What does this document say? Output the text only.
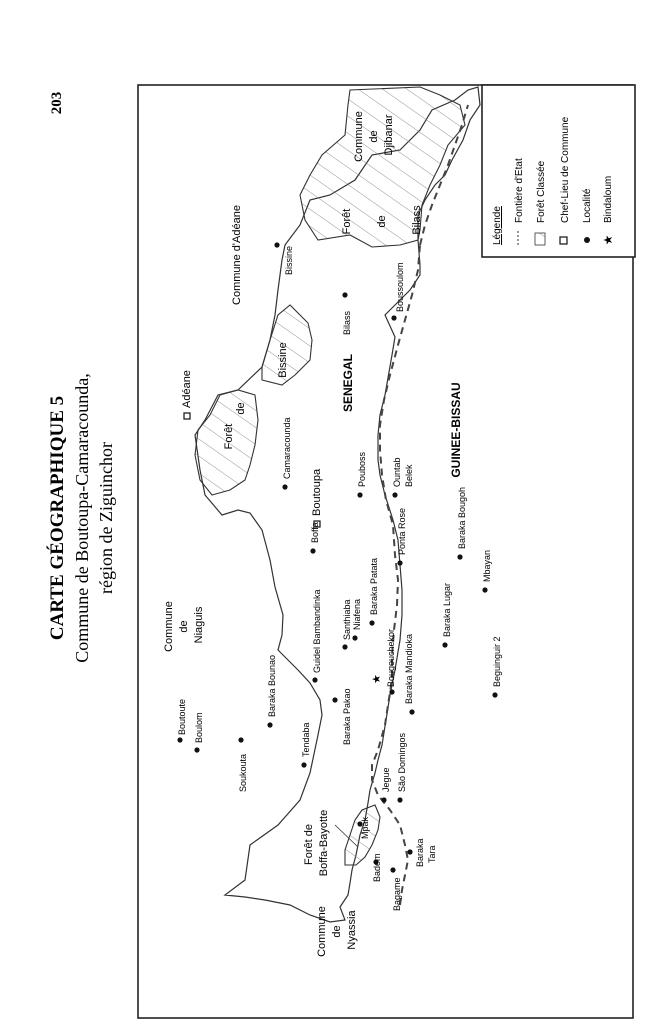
203
CARTE GÉOGRAPHIQUE 5 Commune de Boutoupa-Camaracounda, région de Ziguinchor
Légende
Fontière d'Etat Forêt Classée Chef-Lieu de Commune Localité
★
Bindaloum
Commune de Djibanar
Commune d'Adéane
Commune de Niaguis
Commune de Nyassia
SENEGAL	GUINEE-BISSAU
Forêt de Bilass
Forêt de Bissine
Forêt de Boffa-Bayotte
Adéane
Boutoupa
Bissine
Bilass
Boussoulom
Camaracounda	Pouboss	Ountab Belek
Boffa	Ponta Rose	Baraka Bougoh
Guidel Bambandinka
Baraka Patata	Mbayan
Santhiaba Niafena	Baraka Lugar
Baraka Bounao	Baraka Pakao
Bougouchekor
★ Baraka Mandioka	Beguinguir 2
Boutoute Boulom
Soukouta
Tendaba
Jegue São Domingos
Mpak
Badem
Bagame
Baraka Tara
